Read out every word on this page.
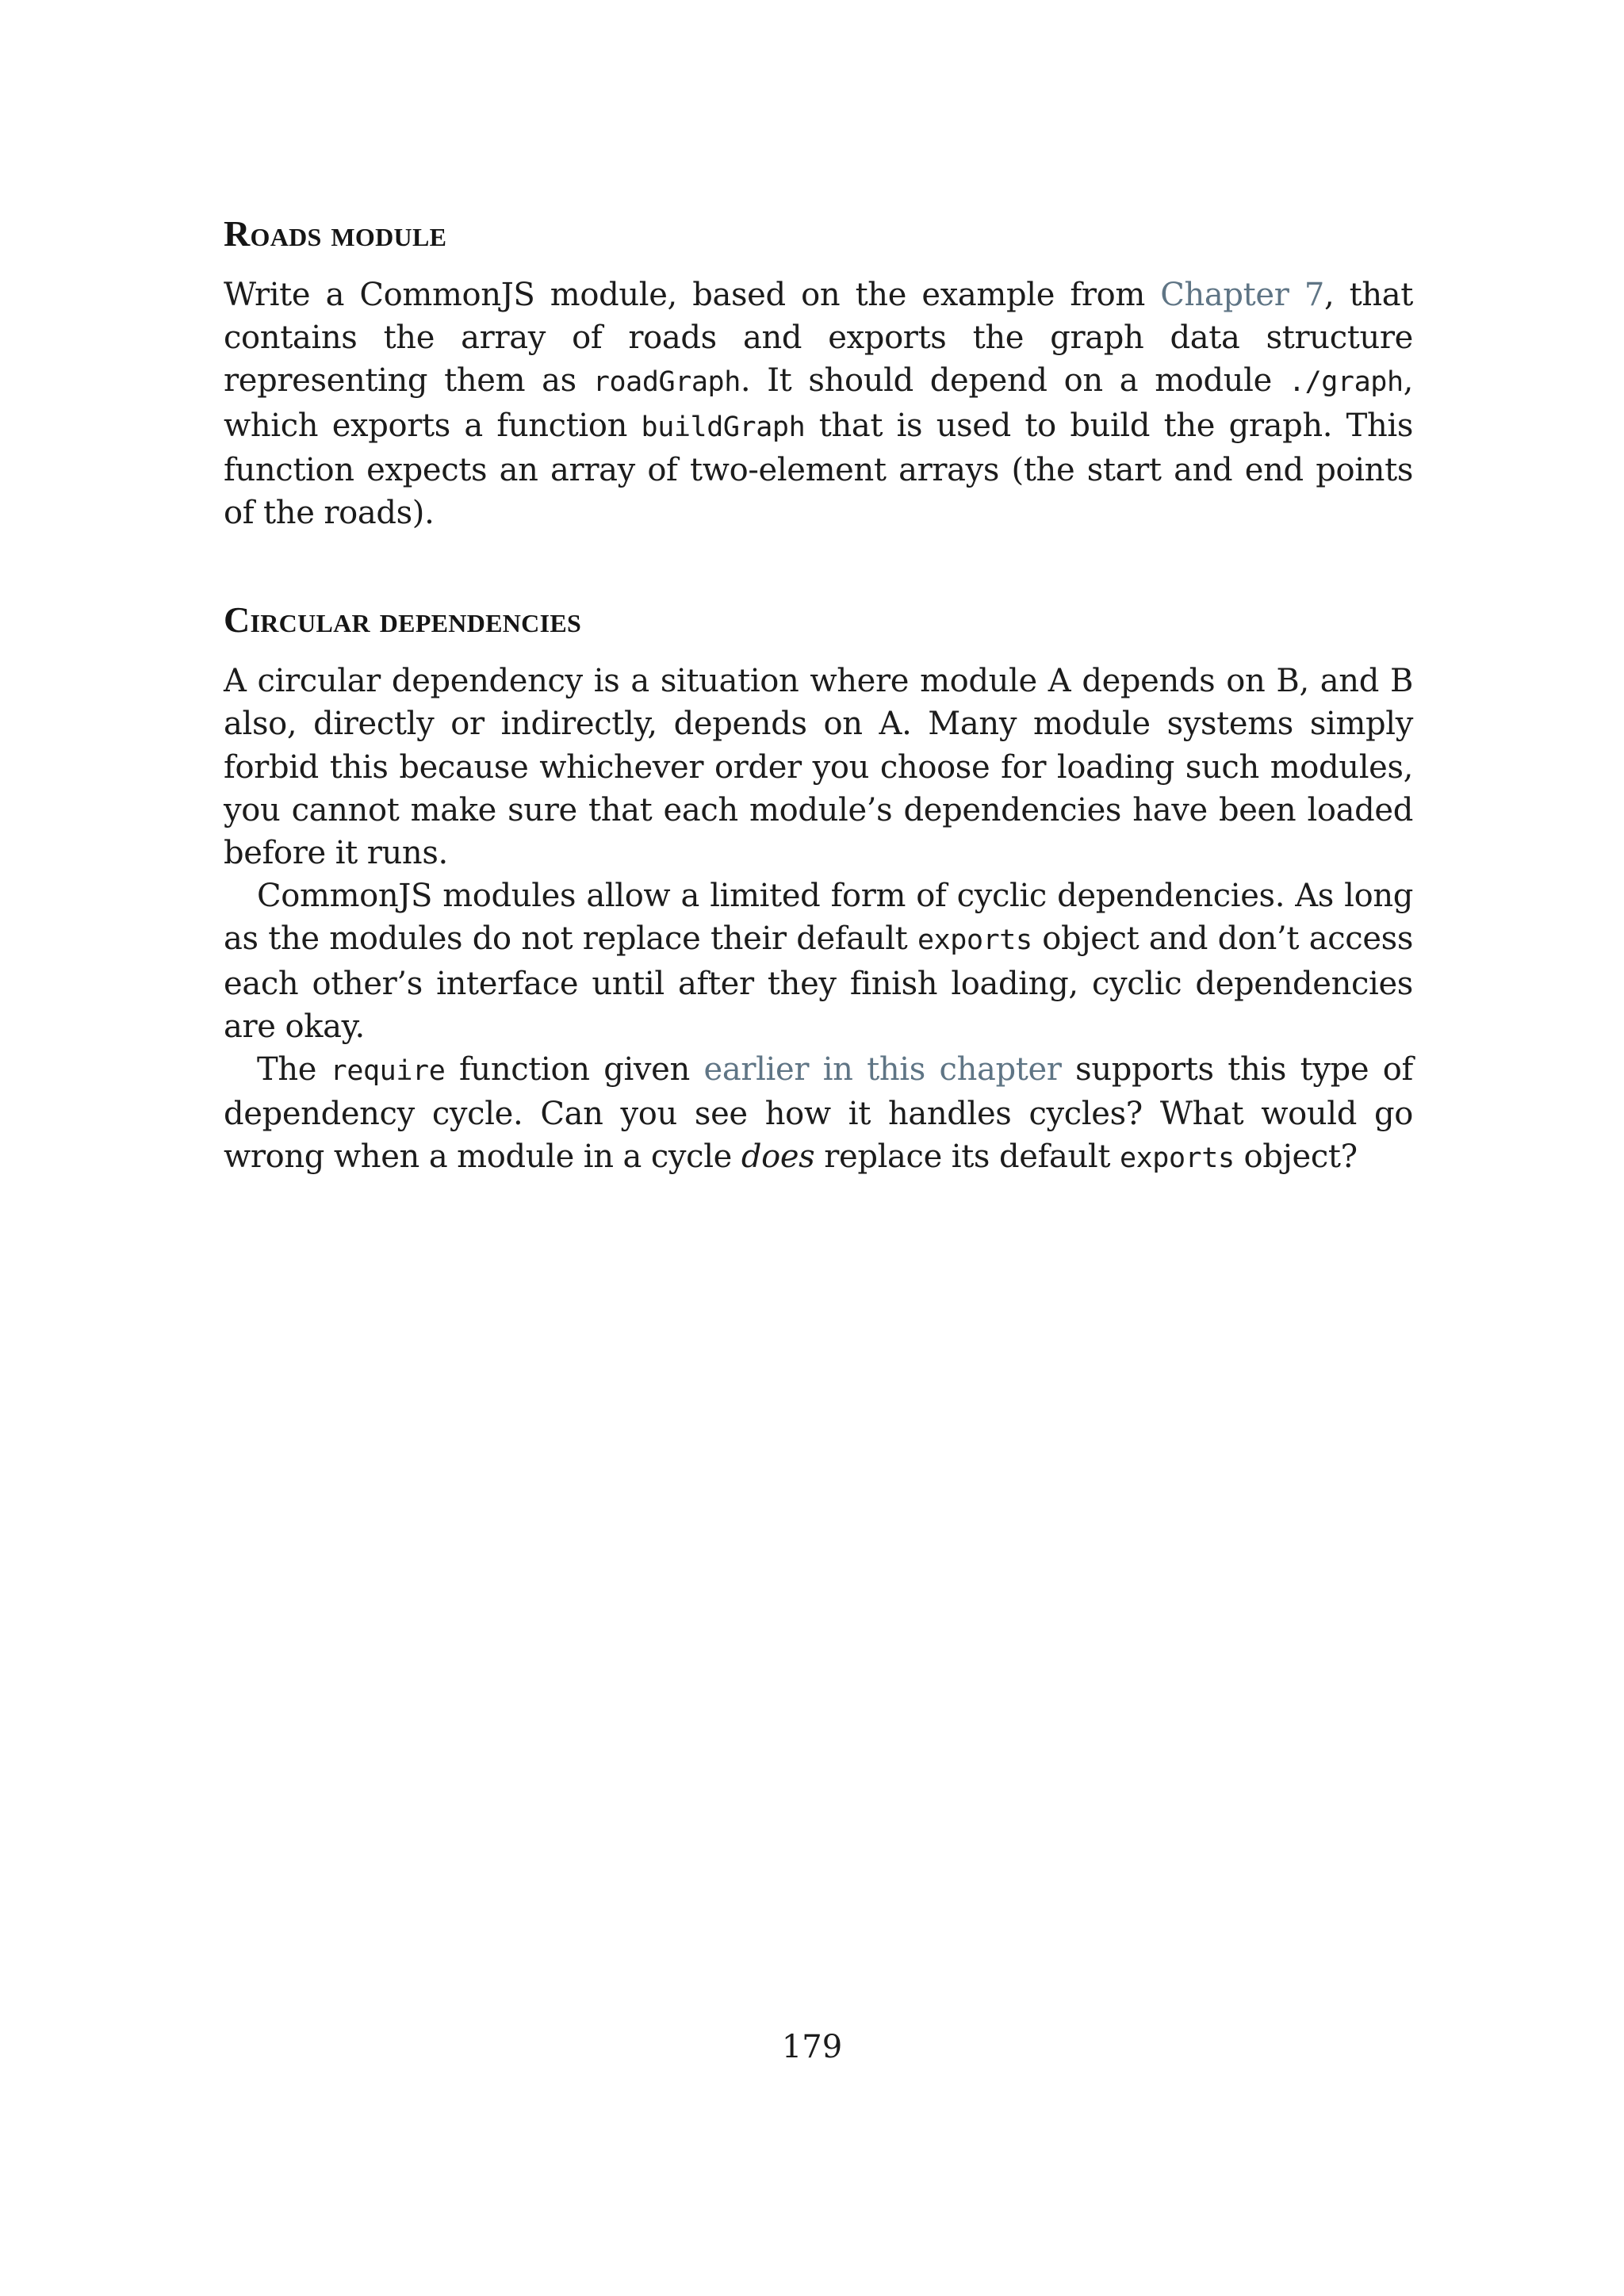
Roads module

Write a CommonJS module, based on the example from Chapter 7, that contains the array of roads and exports the graph data structure representing them as roadGraph. It should depend on a module ./graph, which exports a function buildGraph that is used to build the graph. This function expects an array of two-element arrays (the start and end points of the roads).

Circular dependencies

A circular dependency is a situation where module A depends on B, and B also, directly or indirectly, depends on A. Many module systems simply forbid this because whichever order you choose for loading such modules, you cannot make sure that each module’s dependencies have been loaded before it runs.

CommonJS modules allow a limited form of cyclic dependencies. As long as the modules do not replace their default exports object and don’t access each other’s interface until after they finish loading, cyclic dependencies are okay.

The require function given earlier in this chapter supports this type of dependency cycle. Can you see how it handles cycles? What would go wrong when a module in a cycle does replace its default exports object?

179
